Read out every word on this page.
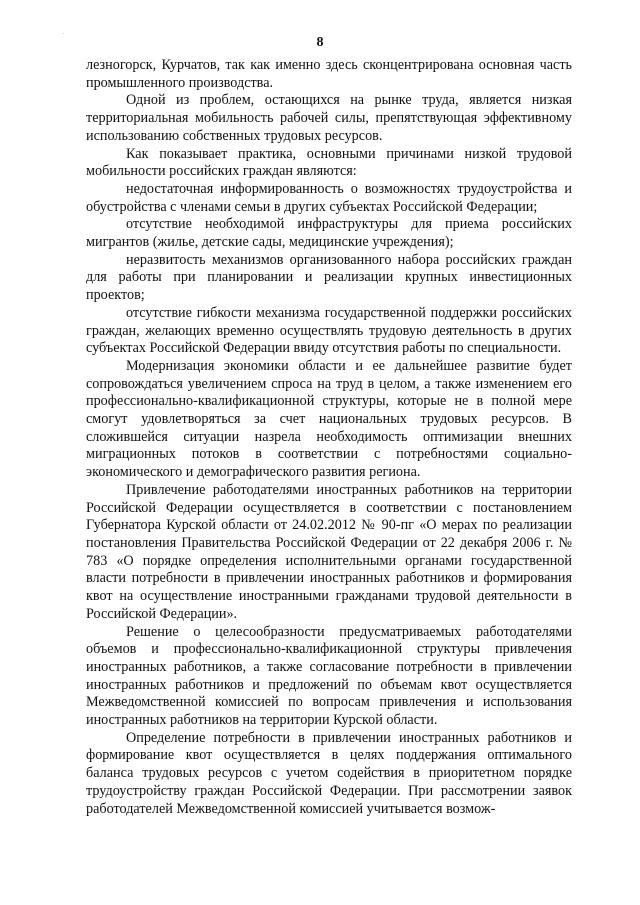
8

лезногорск, Курчатов, так как именно здесь сконцентрирована основная часть промышленного производства.

Одной из проблем, остающихся на рынке труда, является низкая территориальная мобильность рабочей силы, препятствующая эффективному использованию собственных трудовых ресурсов.

Как показывает практика, основными причинами низкой трудовой мобильности российских граждан являются:

недостаточная информированность о возможностях трудоустройства и обустройства с членами семьи в других субъектах Российской Федерации;

отсутствие необходимой инфраструктуры для приема российских мигрантов (жилье, детские сады, медицинские учреждения);

неразвитость механизмов организованного набора российских граждан для работы при планировании и реализации крупных инвестиционных проектов;

отсутствие гибкости механизма государственной поддержки российских граждан, желающих временно осуществлять трудовую деятельность в других субъектах Российской Федерации ввиду отсутствия работы по специальности.

Модернизация экономики области и ее дальнейшее развитие будет сопровождаться увеличением спроса на труд в целом, а также изменением его профессионально-квалификационной структуры, которые не в полной мере смогут удовлетворяться за счет национальных трудовых ресурсов. В сложившейся ситуации назрела необходимость оптимизации внешних миграционных потоков в соответствии с потребностями социально-экономического и демографического развития региона.

Привлечение работодателями иностранных работников на территории Российской Федерации осуществляется в соответствии с постановлением Губернатора Курской области от 24.02.2012 № 90-пг «О мерах по реализации постановления Правительства Российской Федерации от 22 декабря 2006 г. № 783 «О порядке определения исполнительными органами государственной власти потребности в привлечении иностранных работников и формирования квот на осуществление иностранными гражданами трудовой деятельности в Российской Федерации».

Решение о целесообразности предусматриваемых работодателями объемов и профессионально-квалификационной структуры привлечения иностранных работников, а также согласование потребности в привлечении иностранных работников и предложений по объемам квот осуществляется Межведомственной комиссией по вопросам привлечения и использования иностранных работников на территории Курской области.

Определение потребности в привлечении иностранных работников и формирование квот осуществляется в целях поддержания оптимального баланса трудовых ресурсов с учетом содействия в приоритетном порядке трудоустройству граждан Российской Федерации. При рассмотрении заявок работодателей Межведомственной комиссией учитывается возмож-
